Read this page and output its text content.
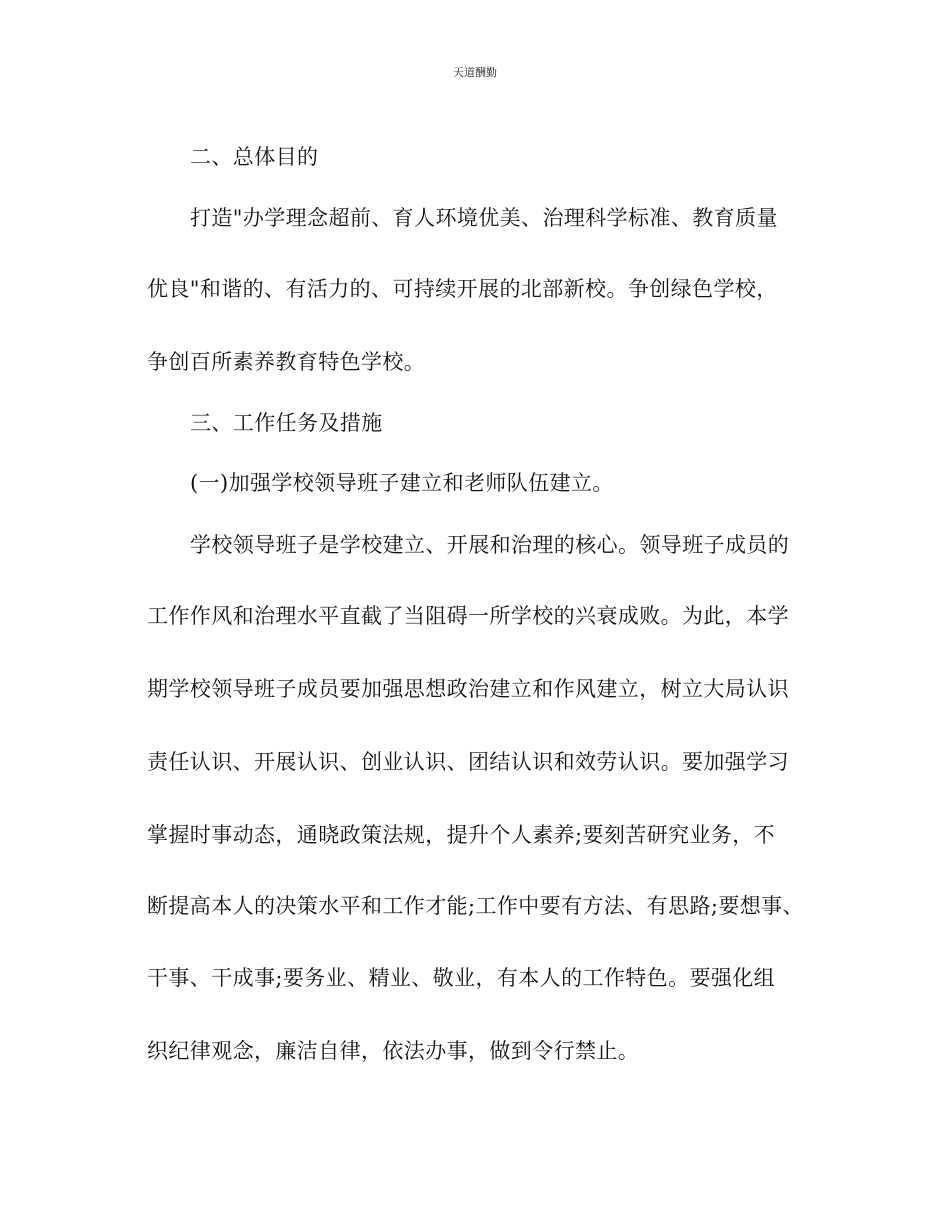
天道酬勤
二、总体目的
打造"办学理念超前、育人环境优美、治理科学标准、教育质量
优良"和谐的、有活力的、可持续开展的北部新校。争创绿色学校，
争创百所素养教育特色学校。
三、工作任务及措施
(一)加强学校领导班子建立和老师队伍建立。
学校领导班子是学校建立、开展和治理的核心。领导班子成员的
工作作风和治理水平直截了当阻碍一所学校的兴衰成败。为此，本学
期学校领导班子成员要加强思想政治建立和作风建立，树立大局认识
责任认识、开展认识、创业认识、团结认识和效劳认识。要加强学习
掌握时事动态，通晓政策法规，提升个人素养;要刻苦研究业务，不
断提高本人的决策水平和工作才能;工作中要有方法、有思路;要想事、
干事、干成事;要务业、精业、敬业，有本人的工作特色。要强化组
织纪律观念，廉洁自律，依法办事，做到令行禁止。
